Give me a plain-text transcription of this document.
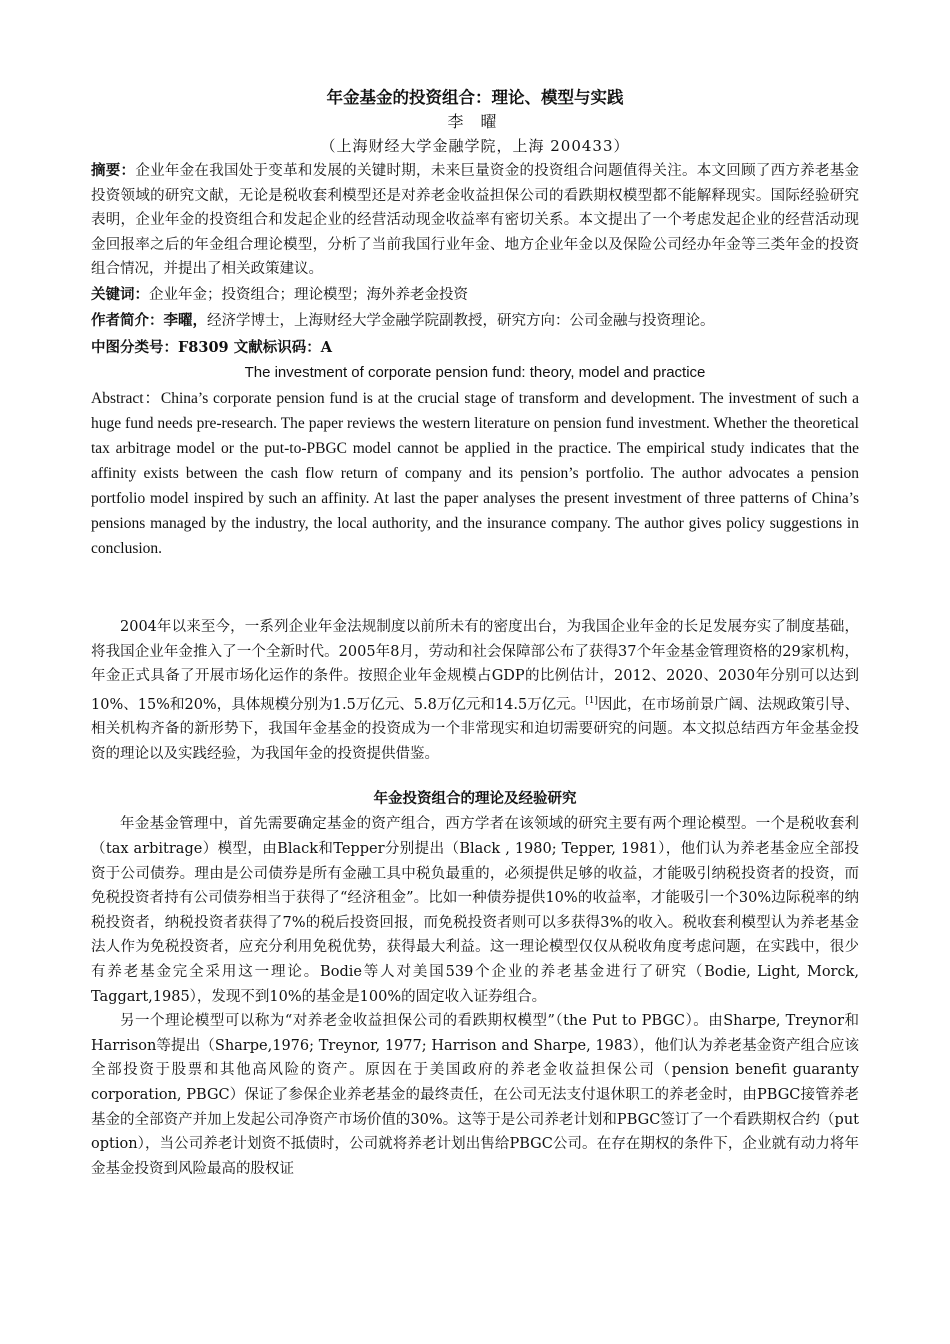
年金基金的投资组合：理论、模型与实践
李 曜
（上海财经大学金融学院，上海 200433）

摘要：企业年金在我国处于变革和发展的关键时期，未来巨量资金的投资组合问题值得关注。本文回顾了西方养老基金投资领域的研究文献，无论是税收套利模型还是对养老金收益担保公司的看跌期权模型都不能解释现实。国际经验研究表明，企业年金的投资组合和发起企业的经营活动现金收益率有密切关系。本文提出了一个考虑发起企业的经营活动现金回报率之后的年金组合理论模型，分析了当前我国行业年金、地方企业年金以及保险公司经办年金等三类年金的投资组合情况，并提出了相关政策建议。

关键词：企业年金；投资组合；理论模型；海外养老金投资

作者简介：李曜，经济学博士，上海财经大学金融学院副教授，研究方向：公司金融与投资理论。

中图分类号：F8309 文献标识码：A

The investment of corporate pension fund: theory, model and practice

Abstract：China’s corporate pension fund is at the crucial stage of transform and development. The investment of such a huge fund needs pre-research. The paper reviews the western literature on pension fund investment. Whether the theoretical tax arbitrage model or the put-to-PBGC model cannot be applied in the practice. The empirical study indicates that the affinity exists between the cash flow return of company and its pension’s portfolio. The author advocates a pension portfolio model inspired by such an affinity. At last the paper analyses the present investment of three patterns of China’s pensions managed by the industry, the local authority, and the insurance company. The author gives policy suggestions in conclusion.

2004年以来至今，一系列企业年金法规制度以前所未有的密度出台，为我国企业年金的长足发展夯实了制度基础，将我国企业年金推入了一个全新时代。2005年8月，劳动和社会保障部公布了获得37个年金基金管理资格的29家机构，年金正式具备了开展市场化运作的条件。按照企业年金规模占GDP的比例估计，2012、2020、2030年分别可以达到10%、15%和20%，具体规模分别为1.5万亿元、5.8万亿元和14.5万亿元。[1]因此，在市场前景广阔、法规政策引导、相关机构齐备的新形势下，我国年金基金的投资成为一个非常现实和迫切需要研究的问题。本文拟总结西方年金基金投资的理论以及实践经验，为我国年金的投资提供借鉴。

年金投资组合的理论及经验研究

年金基金管理中，首先需要确定基金的资产组合，西方学者在该领域的研究主要有两个理论模型。一个是税收套利（tax arbitrage）模型，由Black和Tepper分别提出（Black , 1980; Tepper, 1981），他们认为养老基金应全部投资于公司债券。理由是公司债券是所有金融工具中税负最重的，必须提供足够的收益，才能吸引纳税投资者的投资，而免税投资者持有公司债券相当于获得了“经济租金”。比如一种债券提供10%的收益率，才能吸引一个30%边际税率的纳税投资者，纳税投资者获得了7%的税后投资回报，而免税投资者则可以多获得3%的收入。税收套利模型认为养老基金法人作为免税投资者，应充分利用免税优势，获得最大利益。这一理论模型仅仅从税收角度考虑问题，在实践中，很少有养老基金完全采用这一理论。Bodie等人对美国539个企业的养老基金进行了研究（Bodie, Light, Morck, Taggart,1985），发现不到10%的基金是100%的固定收入证券组合。

另一个理论模型可以称为“对养老金收益担保公司的看跌期权模型”（the Put to PBGC）。由Sharpe, Treynor和Harrison等提出（Sharpe,1976; Treynor, 1977; Harrison and Sharpe, 1983），他们认为养老基金资产组合应该全部投资于股票和其他高风险的资产。原因在于美国政府的养老金收益担保公司（pension benefit guaranty corporation, PBGC）保证了参保企业养老基金的最终责任，在公司无法支付退休职工的养老金时，由PBGC接管养老基金的全部资产并加上发起公司净资产市场价值的30%。这等于是公司养老计划和PBGC签订了一个看跌期权合约（put option），当公司养老计划资不抵债时，公司就将养老计划出售给PBGC公司。在存在期权的条件下，企业就有动力将年金基金投资到风险最高的股权证
